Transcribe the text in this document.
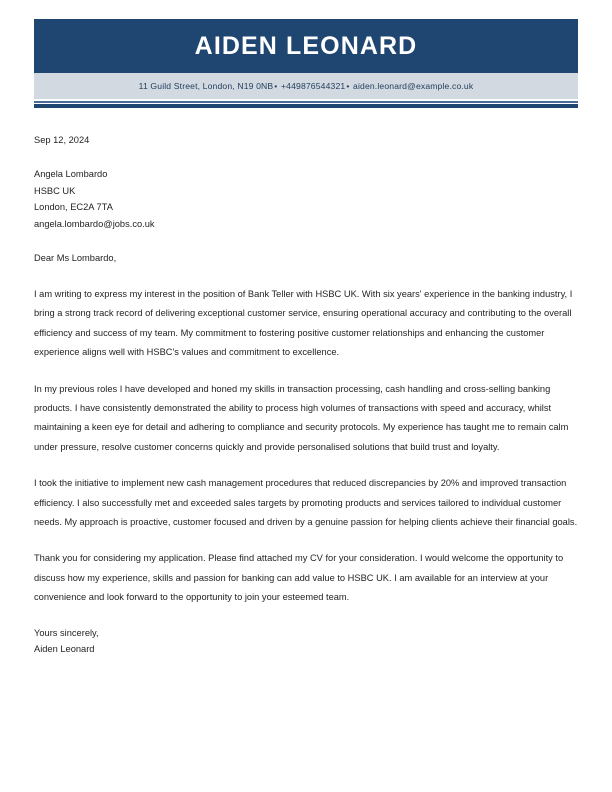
AIDEN LEONARD
11 Guild Street, London, N19 0NB• +449876544321• aiden.leonard@example.co.uk
Sep 12, 2024
Angela Lombardo
HSBC UK
London, EC2A 7TA
angela.lombardo@jobs.co.uk
Dear Ms Lombardo,
I am writing to express my interest in the position of Bank Teller with HSBC UK. With six years' experience in the banking industry, I bring a strong track record of delivering exceptional customer service, ensuring operational accuracy and contributing to the overall efficiency and success of my team. My commitment to fostering positive customer relationships and enhancing the customer experience aligns well with HSBC's values and commitment to excellence.
In my previous roles I have developed and honed my skills in transaction processing, cash handling and cross-selling banking products. I have consistently demonstrated the ability to process high volumes of transactions with speed and accuracy, whilst maintaining a keen eye for detail and adhering to compliance and security protocols. My experience has taught me to remain calm under pressure, resolve customer concerns quickly and provide personalised solutions that build trust and loyalty.
I took the initiative to implement new cash management procedures that reduced discrepancies by 20% and improved transaction efficiency. I also successfully met and exceeded sales targets by promoting products and services tailored to individual customer needs. My approach is proactive, customer focused and driven by a genuine passion for helping clients achieve their financial goals.
Thank you for considering my application. Please find attached my CV for your consideration. I would welcome the opportunity to discuss how my experience, skills and passion for banking can add value to HSBC UK. I am available for an interview at your convenience and look forward to the opportunity to join your esteemed team.
Yours sincerely,
Aiden Leonard
